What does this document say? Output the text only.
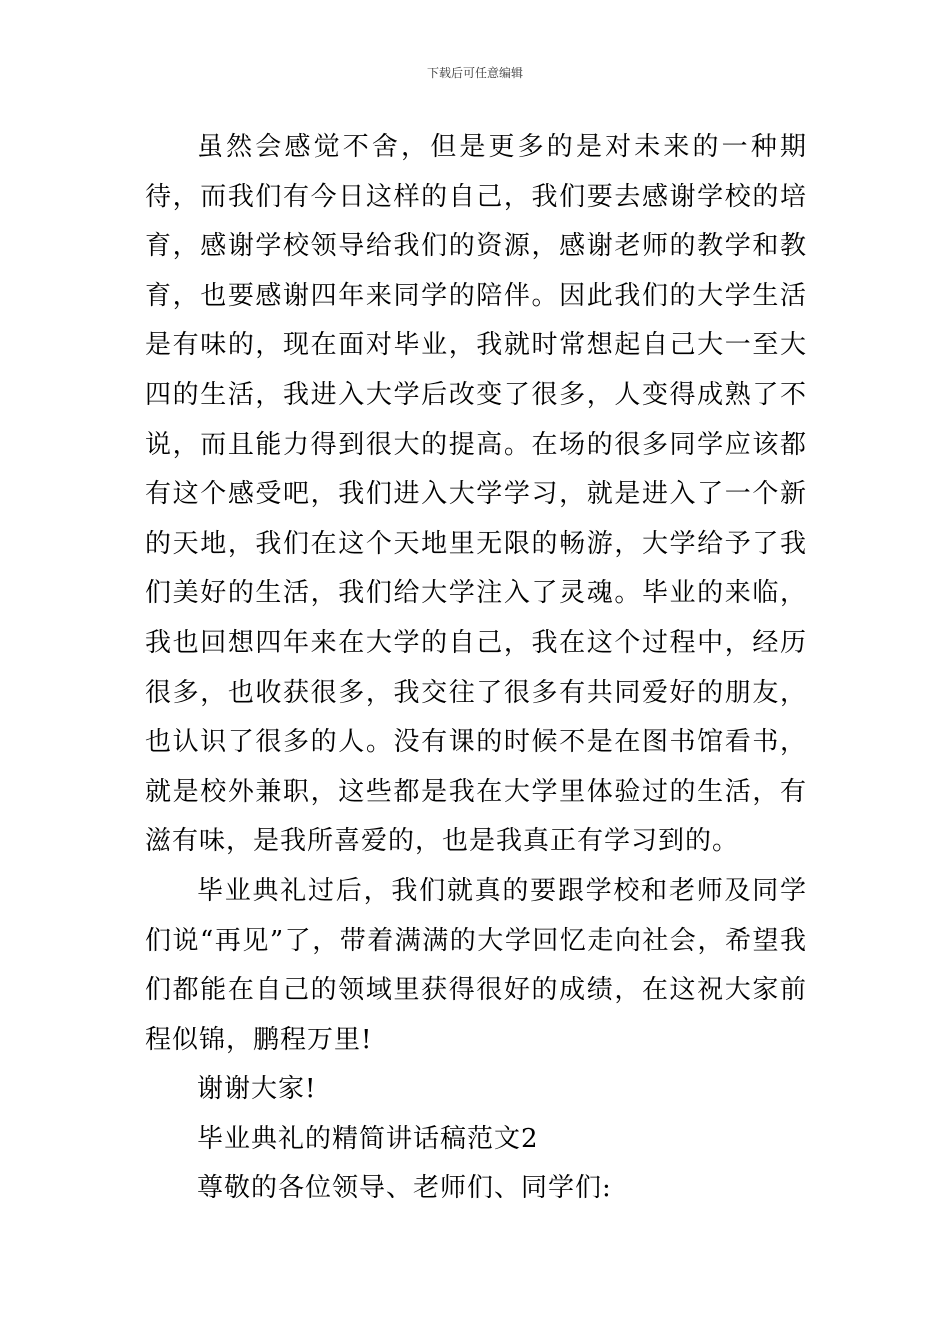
下载后可任意编辑

虽然会感觉不舍，但是更多的是对未来的一种期待，而我们有今日这样的自己，我们要去感谢学校的培育，感谢学校领导给我们的资源，感谢老师的教学和教育，也要感谢四年来同学的陪伴。因此我们的大学生活是有味的，现在面对毕业，我就时常想起自己大一至大四的生活，我进入大学后改变了很多，人变得成熟了不说，而且能力得到很大的提高。在场的很多同学应该都有这个感受吧，我们进入大学学习，就是进入了一个新的天地，我们在这个天地里无限的畅游，大学给予了我们美好的生活，我们给大学注入了灵魂。毕业的来临，我也回想四年来在大学的自己，我在这个过程中，经历很多，也收获很多，我交往了很多有共同爱好的朋友，也认识了很多的人。没有课的时候不是在图书馆看书，就是校外兼职，这些都是我在大学里体验过的生活，有滋有味，是我所喜爱的，也是我真正有学习到的。

毕业典礼过后，我们就真的要跟学校和老师及同学们说“再见”了，带着满满的大学回忆走向社会，希望我们都能在自己的领域里获得很好的成绩，在这祝大家前程似锦，鹏程万里!

谢谢大家!

毕业典礼的精简讲话稿范文2

尊敬的各位领导、老师们、同学们:
